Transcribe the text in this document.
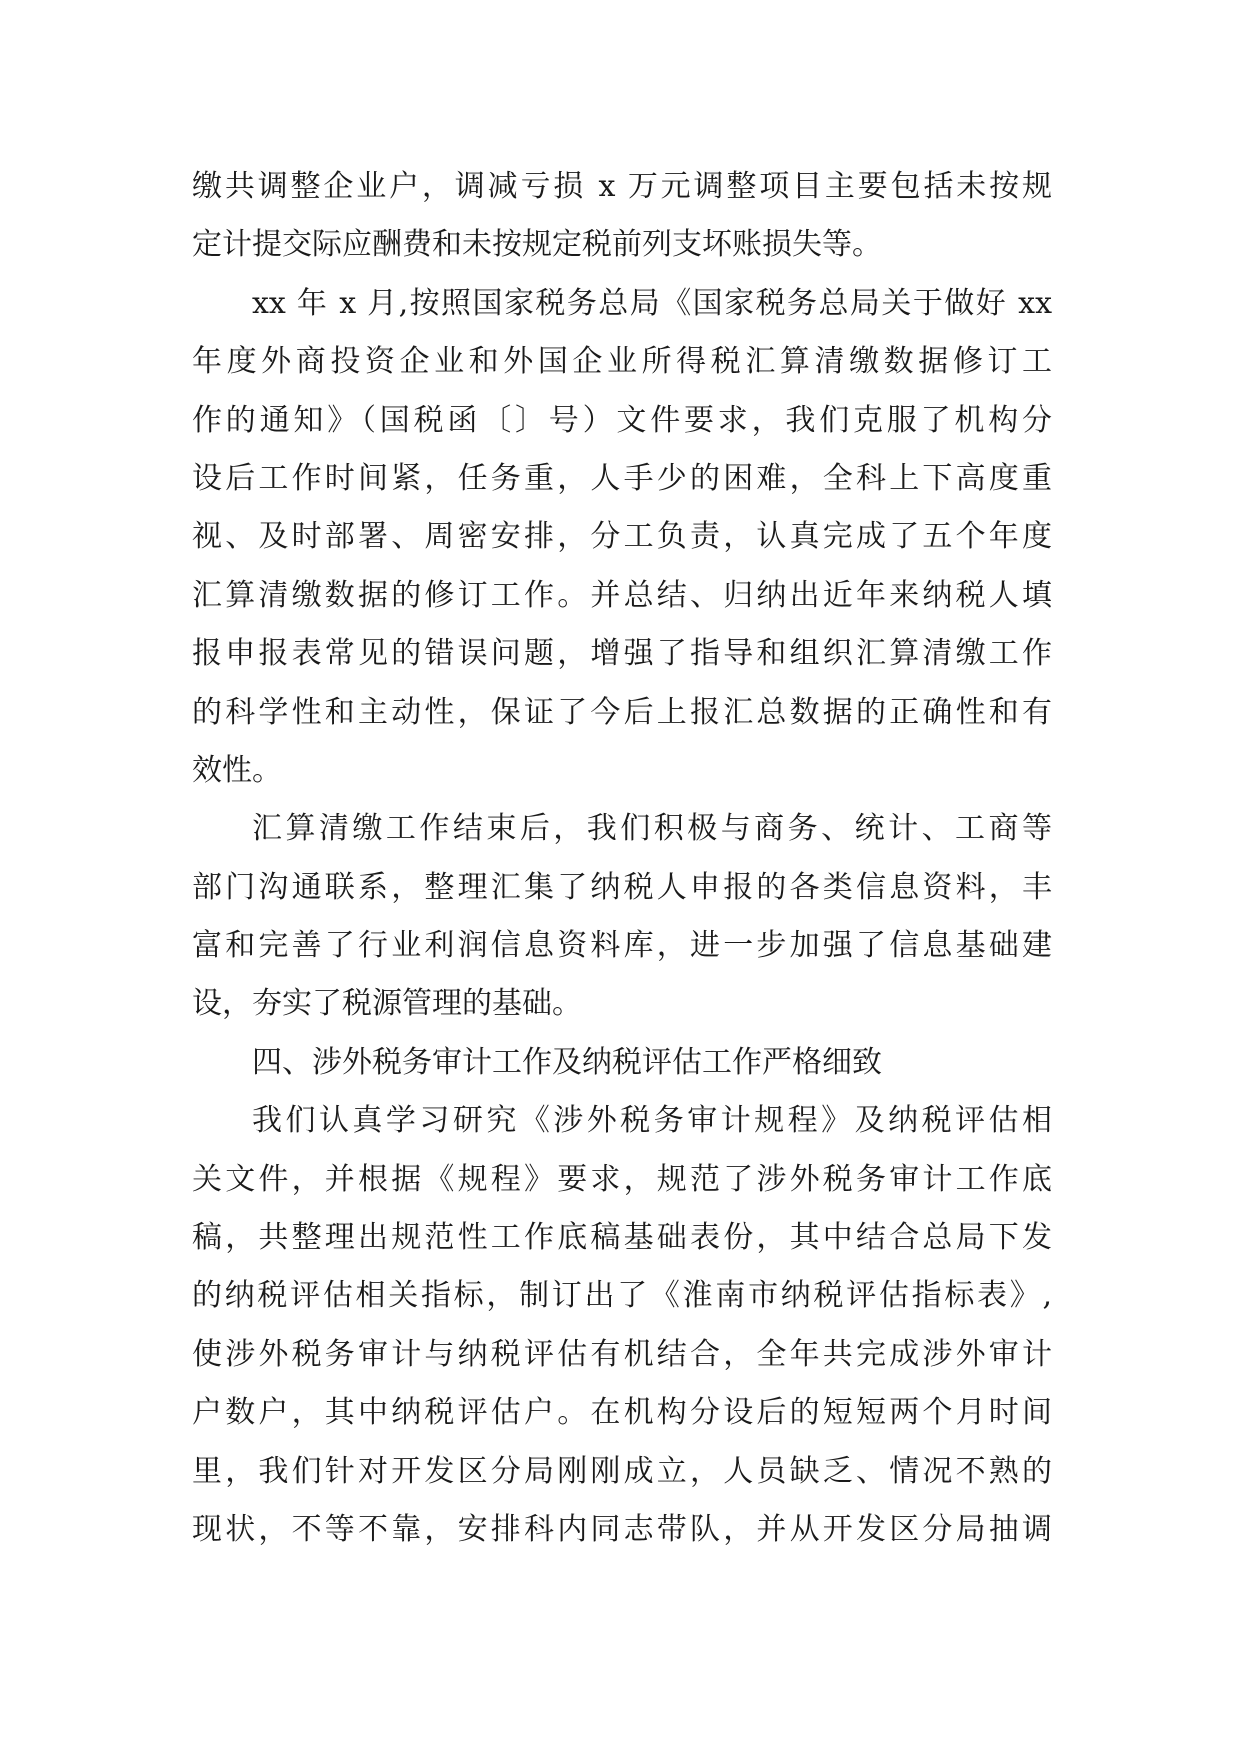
缴共调整企业户，调减亏损 x 万元调整项目主要包括未按规
定计提交际应酬费和未按规定税前列支坏账损失等。
xx 年 x 月,按照国家税务总局《国家税务总局关于做好 xx
年度外商投资企业和外国企业所得税汇算清缴数据修订工
作的通知》（国税函〔〕号）文件要求，我们克服了机构分
设后工作时间紧，任务重，人手少的困难，全科上下高度重
视、及时部署、周密安排，分工负责，认真完成了五个年度
汇算清缴数据的修订工作。并总结、归纳出近年来纳税人填
报申报表常见的错误问题，增强了指导和组织汇算清缴工作
的科学性和主动性，保证了今后上报汇总数据的正确性和有
效性。
汇算清缴工作结束后，我们积极与商务、统计、工商等
部门沟通联系，整理汇集了纳税人申报的各类信息资料，丰
富和完善了行业利润信息资料库，进一步加强了信息基础建
设，夯实了税源管理的基础。
四、涉外税务审计工作及纳税评估工作严格细致
我们认真学习研究《涉外税务审计规程》及纳税评估相
关文件，并根据《规程》要求，规范了涉外税务审计工作底
稿，共整理出规范性工作底稿基础表份，其中结合总局下发
的纳税评估相关指标，制订出了《淮南市纳税评估指标表》,
使涉外税务审计与纳税评估有机结合，全年共完成涉外审计
户数户，其中纳税评估户。在机构分设后的短短两个月时间
里，我们针对开发区分局刚刚成立，人员缺乏、情况不熟的
现状，不等不靠，安排科内同志带队，并从开发区分局抽调
